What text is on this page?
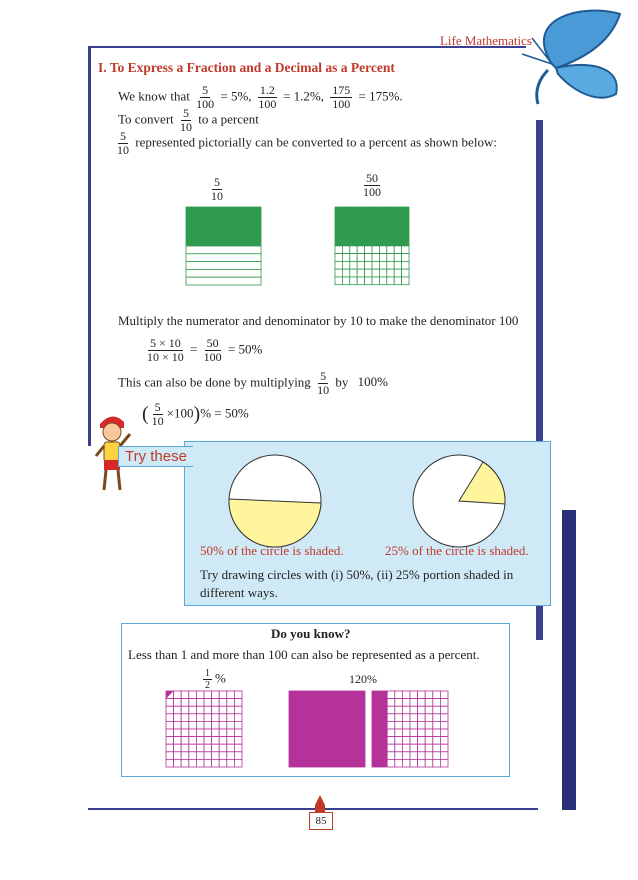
Life Mathematics
I. To Express a Fraction and a Decimal as a Percent
We know that $\frac{5}{100} = 5\%$, $\frac{1.2}{100} = 1.2\%$, $\frac{175}{100} = 175\%$.
To convert $\frac{5}{10}$ to a percent
$\frac{5}{10}$ represented pictorially can be converted to a percent as shown below:
$\frac{5}{10}$	$\frac{50}{100}$
Multiply the numerator and denominator by 10 to make the denominator 100
$\frac{5 \times 10}{10 \times 10} = \frac{50}{100} = 50\%$
This can also be done by multiplying $\frac{5}{10}$ by 100%
( $\frac{5}{10} \times 100)\% = 50\%$
Try these
50% of the circle is shaded.	25% of the circle is shaded.
Try drawing circles with (i) 50%, (ii) 25% portion shaded in
different ways.
Do you know?
Less than 1 and more than 100 can also be represented as a percent.
$\frac{1}{2}$ %	120%
85
